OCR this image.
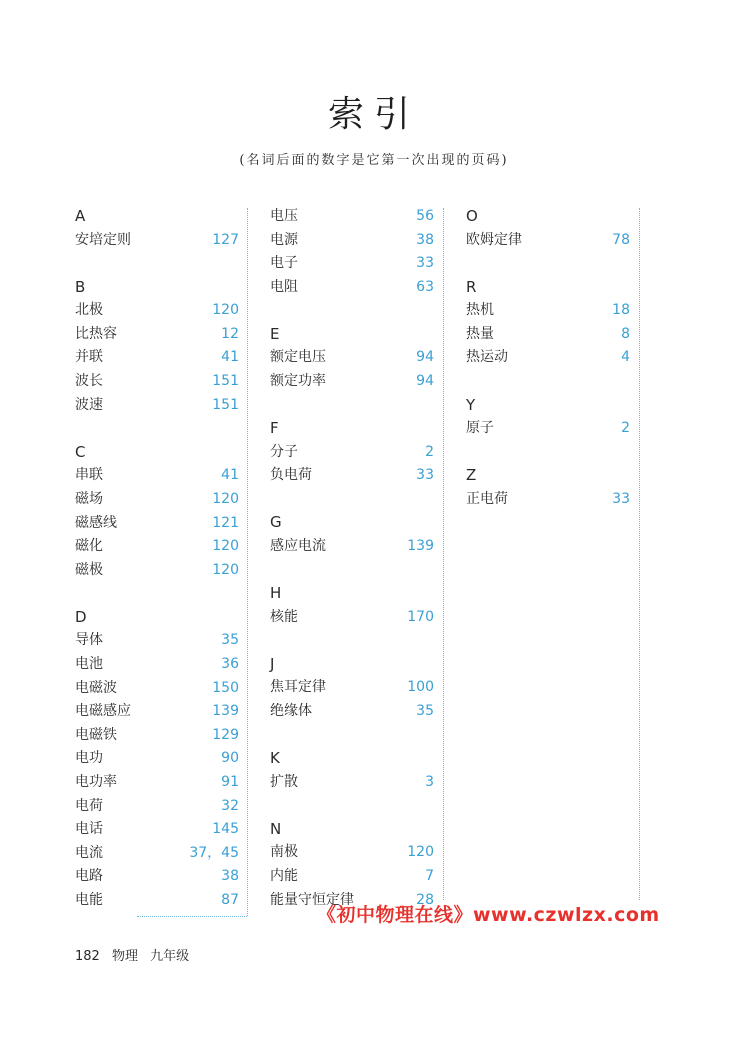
索引
(名词后面的数字是它第一次出现的页码)
A
安培定则	127
B
北极	120
比热容	12
并联	41
波长	151
波速	151
C
串联	41
磁场	120
磁感线	121
磁化	120
磁极	120
D
导体	35
电池	36
电磁波	150
电磁感应	139
电磁铁	129
电功	90
电功率	91
电荷	32
电话	145
电流	37，45
电路	38
电能	87
电压	56
电源	38
电子	33
电阻	63
E
额定电压	94
额定功率	94
F
分子	2
负电荷	33
G
感应电流	139
H
核能	170
J
焦耳定律	100
绝缘体	35
K
扩散	3
N
南极	120
内能	7
能量守恒定律	28
O
欧姆定律	78
R
热机	18
热量	8
热运动	4
Y
原子	2
Z
正电荷	33
《初中物理在线》www.czwlzx.com
182 物理 九年级
